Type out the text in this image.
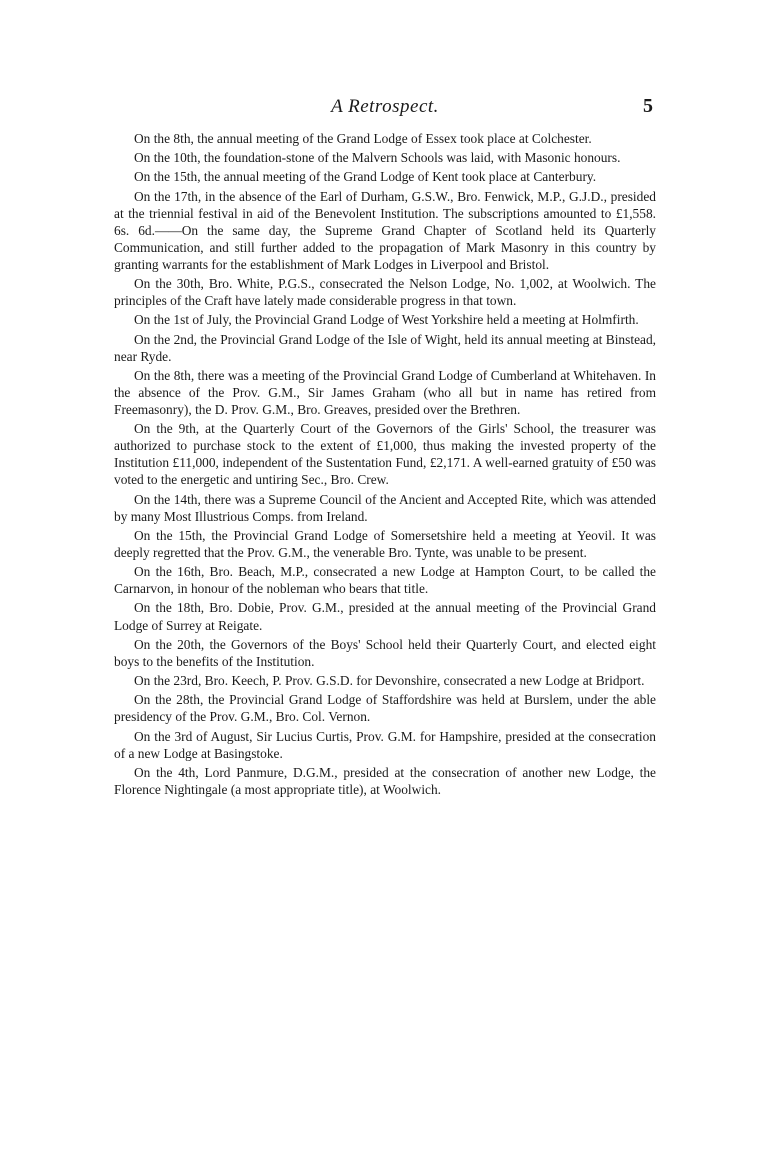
A Retrospect.	5

On the 8th, the annual meeting of the Grand Lodge of Essex took place at Colchester.

On the 10th, the foundation-stone of the Malvern Schools was laid, with Masonic honours.

On the 15th, the annual meeting of the Grand Lodge of Kent took place at Canterbury.

On the 17th, in the absence of the Earl of Durham, G.S.W., Bro. Fenwick, M.P., G.J.D., presided at the triennial festival in aid of the Benevolent Institution. The subscriptions amounted to £1,558. 6s. 6d.——On the same day, the Supreme Grand Chapter of Scotland held its Quarterly Communication, and still further added to the propagation of Mark Masonry in this country by granting warrants for the establishment of Mark Lodges in Liverpool and Bristol.

On the 30th, Bro. White, P.G.S., consecrated the Nelson Lodge, No. 1,002, at Woolwich. The principles of the Craft have lately made considerable progress in that town.

On the 1st of July, the Provincial Grand Lodge of West Yorkshire held a meeting at Holmfirth.

On the 2nd, the Provincial Grand Lodge of the Isle of Wight, held its annual meeting at Binstead, near Ryde.

On the 8th, there was a meeting of the Provincial Grand Lodge of Cumberland at Whitehaven. In the absence of the Prov. G.M., Sir James Graham (who all but in name has retired from Freemasonry), the D. Prov. G.M., Bro. Greaves, presided over the Brethren.

On the 9th, at the Quarterly Court of the Governors of the Girls' School, the treasurer was authorized to purchase stock to the extent of £1,000, thus making the invested property of the Institution £11,000, independent of the Sustentation Fund, £2,171. A well-earned gratuity of £50 was voted to the energetic and untiring Sec., Bro. Crew.

On the 14th, there was a Supreme Council of the Ancient and Accepted Rite, which was attended by many Most Illustrious Comps. from Ireland.

On the 15th, the Provincial Grand Lodge of Somersetshire held a meeting at Yeovil. It was deeply regretted that the Prov. G.M., the venerable Bro. Tynte, was unable to be present.

On the 16th, Bro. Beach, M.P., consecrated a new Lodge at Hampton Court, to be called the Carnarvon, in honour of the nobleman who bears that title.

On the 18th, Bro. Dobie, Prov. G.M., presided at the annual meeting of the Provincial Grand Lodge of Surrey at Reigate.

On the 20th, the Governors of the Boys' School held their Quarterly Court, and elected eight boys to the benefits of the Institution.

On the 23rd, Bro. Keech, P. Prov. G.S.D. for Devonshire, consecrated a new Lodge at Bridport.

On the 28th, the Provincial Grand Lodge of Staffordshire was held at Burslem, under the able presidency of the Prov. G.M., Bro. Col. Vernon.

On the 3rd of August, Sir Lucius Curtis, Prov. G.M. for Hampshire, presided at the consecration of a new Lodge at Basingstoke.

On the 4th, Lord Panmure, D.G.M., presided at the consecration of another new Lodge, the Florence Nightingale (a most appropriate title), at Woolwich.
